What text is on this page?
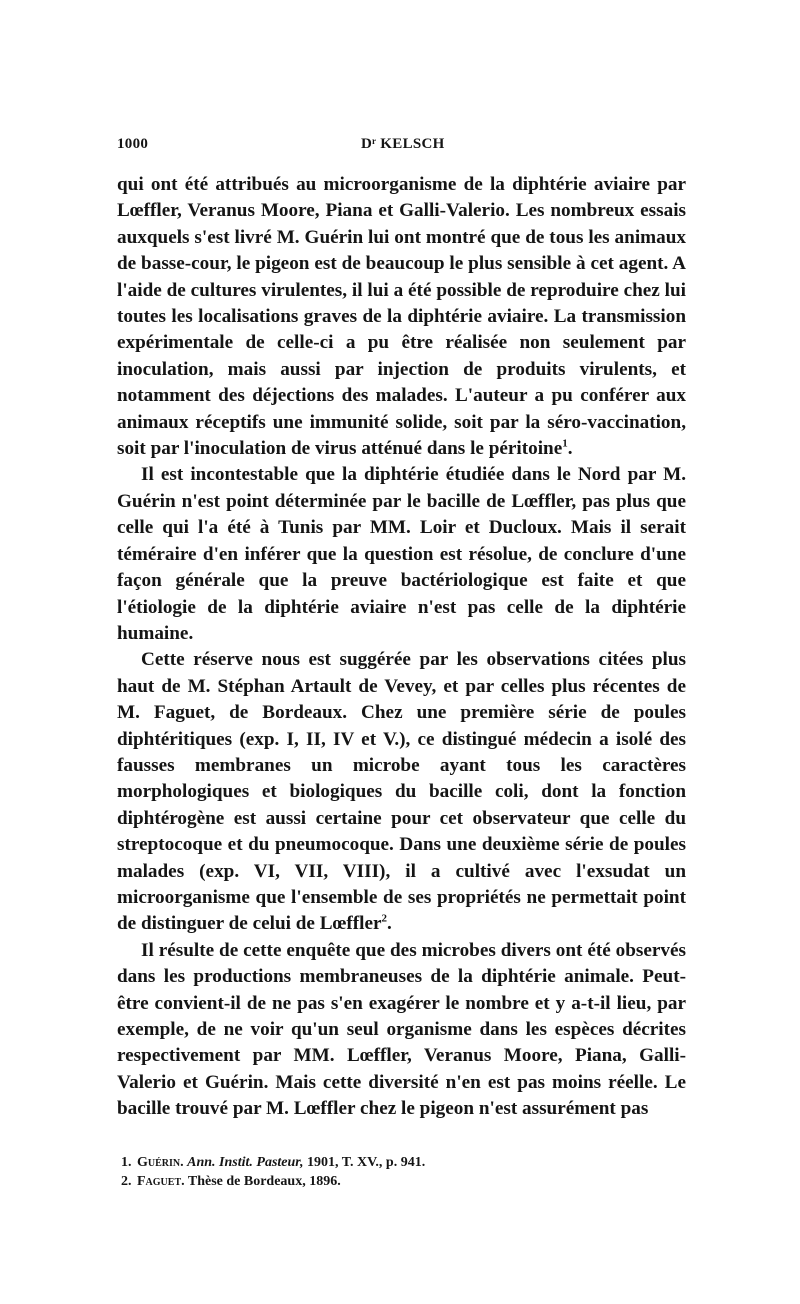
1000	Dʳ KELSCH

qui ont été attribués au microorganisme de la diphtérie aviaire par Lœffler, Veranus Moore, Piana et Galli-Valerio. Les nombreux essais auxquels s'est livré M. Guérin lui ont montré que de tous les animaux de basse-cour, le pigeon est de beaucoup le plus sensible à cet agent. A l'aide de cultures virulentes, il lui a été possible de reproduire chez lui toutes les localisations graves de la diphtérie aviaire. La transmission expérimentale de celle-ci a pu être réalisée non seulement par inoculation, mais aussi par injection de produits virulents, et notamment des déjections des malades. L'auteur a pu conférer aux animaux réceptifs une immunité solide, soit par la séro-vaccination, soit par l'inoculation de virus atténué dans le péritoine$^1$.

Il est incontestable que la diphtérie étudiée dans le Nord par M. Guérin n'est point déterminée par le bacille de Lœffler, pas plus que celle qui l'a été à Tunis par MM. Loir et Ducloux. Mais il serait téméraire d'en inférer que la question est résolue, de conclure d'une façon générale que la preuve bactériologique est faite et que l'étiologie de la diphtérie aviaire n'est pas celle de la diphtérie humaine.

Cette réserve nous est suggérée par les observations citées plus haut de M. Stéphan Artault de Vevey, et par celles plus récentes de M. Faguet, de Bordeaux. Chez une première série de poules diphtéritiques (exp. I, II, IV et V.), ce distingué médecin a isolé des fausses membranes un microbe ayant tous les caractères morphologiques et biologiques du bacille coli, dont la fonction diphtérogène est aussi certaine pour cet observateur que celle du streptocoque et du pneumocoque. Dans une deuxième série de poules malades (exp. VI, VII, VIII), il a cultivé avec l'exsudat un microorganisme que l'ensemble de ses propriétés ne permettait point de distinguer de celui de Lœffler$^2$.

Il résulte de cette enquête que des microbes divers ont été observés dans les productions membraneuses de la diphtérie animale. Peut-être convient-il de ne pas s'en exagérer le nombre et y a-t-il lieu, par exemple, de ne voir qu'un seul organisme dans les espèces décrites respectivement par MM. Lœffler, Veranus Moore, Piana, Galli-Valerio et Guérin. Mais cette diversité n'en est pas moins réelle. Le bacille trouvé par M. Lœffler chez le pigeon n'est assurément pas

1. Guérin. Ann. Instit. Pasteur, 1901, T. XV., p. 941.
2. Faguet. Thèse de Bordeaux, 1896.
